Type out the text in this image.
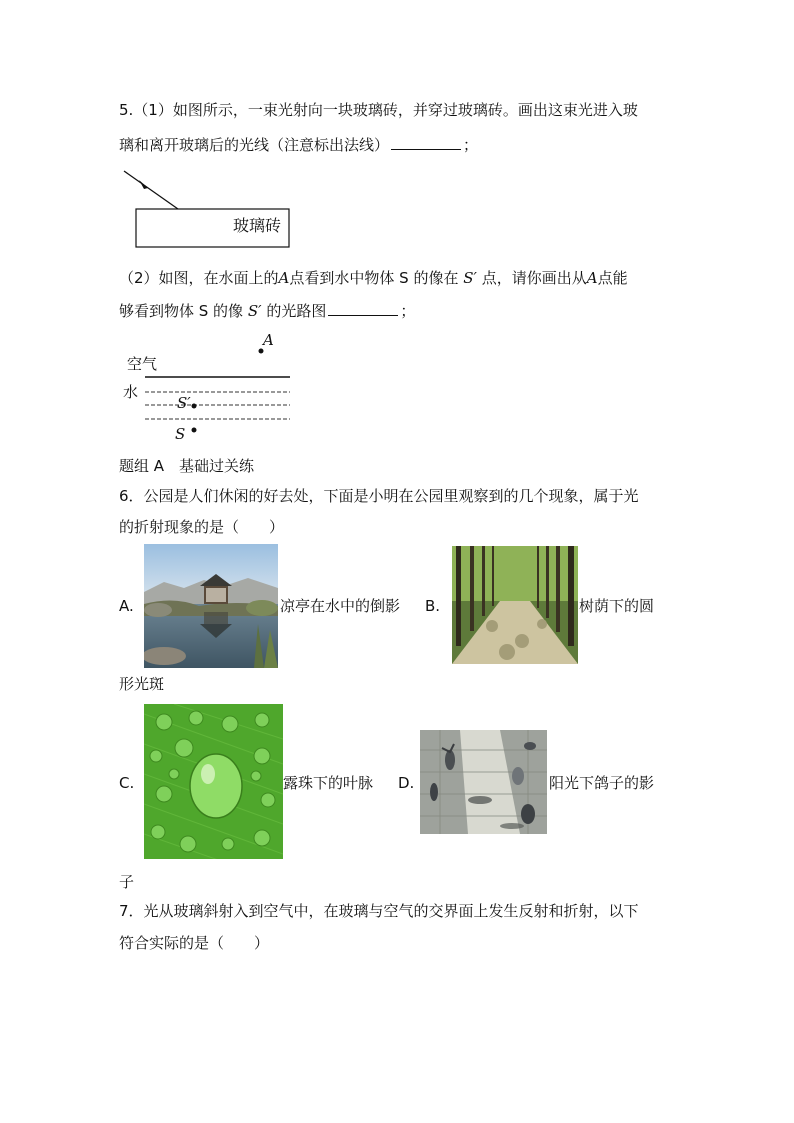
5.（1）如图所示，一束光射向一块玻璃砖，并穿过玻璃砖。画出这束光进入玻
璃和离开玻璃后的光线（注意标出法线）	；
玻璃砖
（2）如图，在水面上的A点看到水中物体 S 的像在 S′ 点，请你画出从A点能
够看到物体 S 的像 S′ 的光路图	；
A
空气
水
S′
S
题组 A　基础过关练
6．公园是人们休闲的好去处，下面是小明在公园里观察到的几个现象，属于光
的折射现象的是（　　）
A.	凉亭在水中的倒影 B.	树荫下的圆
形光斑
C.	露珠下的叶脉 D.	阳光下鸽子的影
子
7．光从玻璃斜射入到空气中，在玻璃与空气的交界面上发生反射和折射，以下
符合实际的是（　　）
